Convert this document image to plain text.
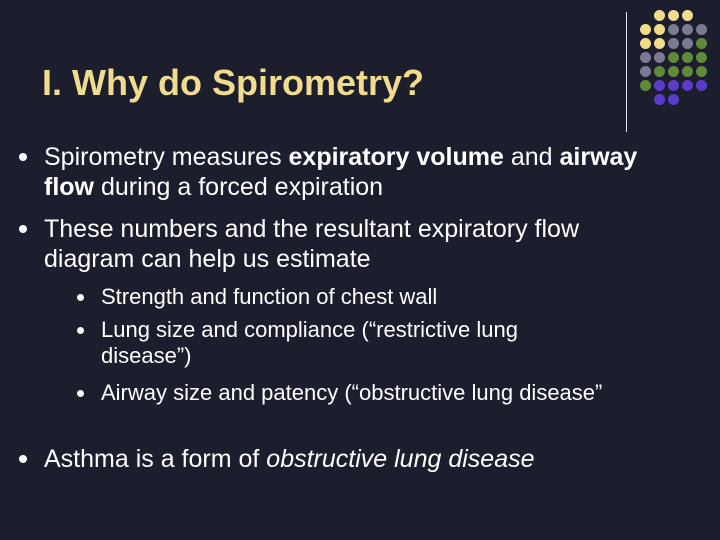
I. Why do Spirometry?
Spirometry measures expiratory volume and airway flow during a forced expiration
These numbers and the resultant expiratory flow diagram can help us estimate
Strength and function of chest wall
Lung size and compliance (“restrictive lung disease”)
Airway size and patency (“obstructive lung disease”
Asthma is a form of obstructive lung disease
